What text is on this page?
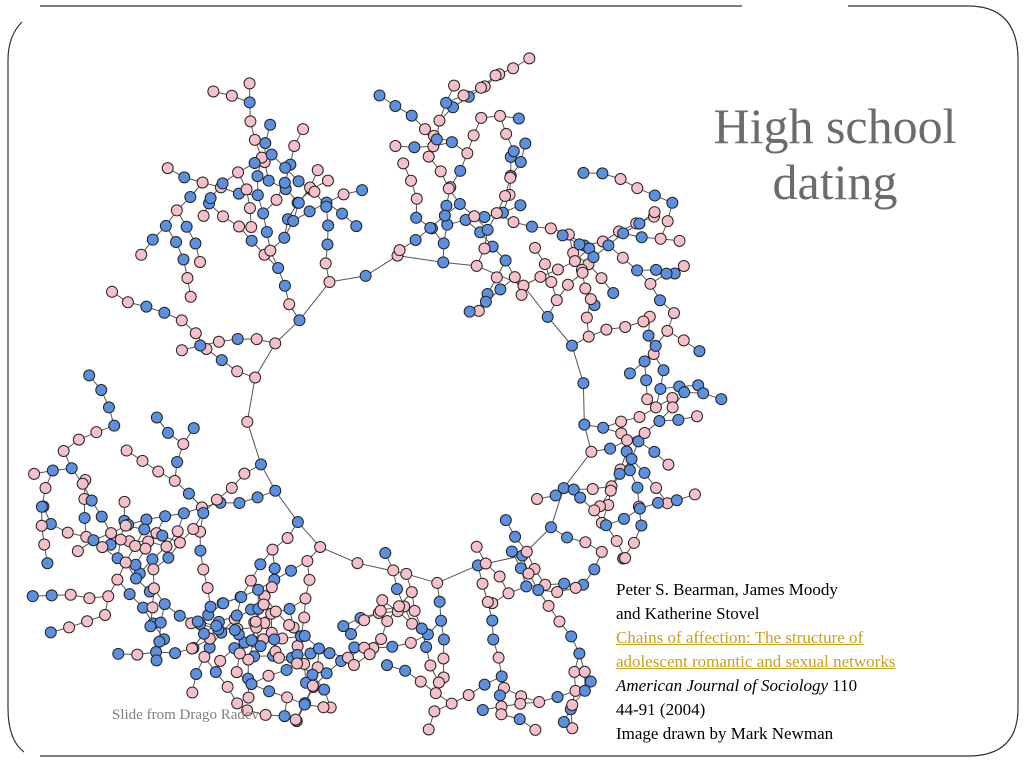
High school
dating
Peter S. Bearman, James Moody
and Katherine Stovel
Chains of affection: The structure of
adolescent romantic and sexual networks
American Journal of Sociology 110
44-91 (2004)
Image drawn by Mark Newman
Slide from Drago Radev
